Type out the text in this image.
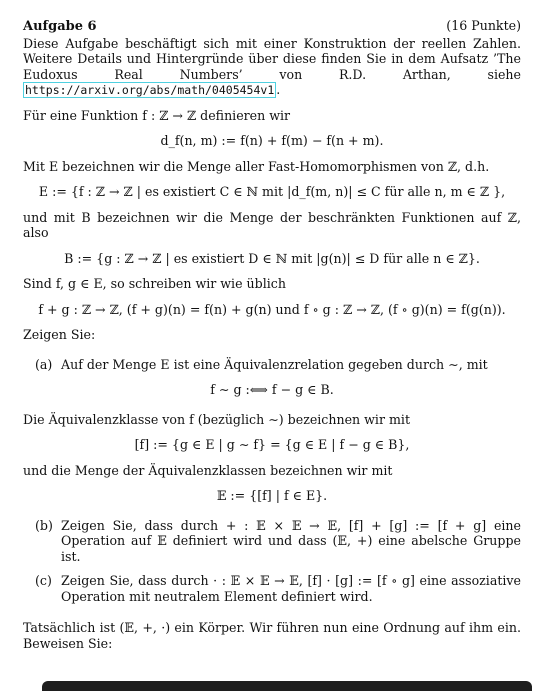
Aufgabe 6	(16 Punkte)

Diese Aufgabe beschäftigt sich mit einer Konstruktion der reellen Zahlen. Weitere Details und Hintergründe über diese finden Sie in dem Aufsatz ’The Eudoxus Real Numbers’ von R.D. Arthan, siehe https://arxiv.org/abs/math/0405454v1 .

Für eine Funktion f : ℤ → ℤ definieren wir

d_f(n, m) := f(n) + f(m) − f(n + m).

Mit E bezeichnen wir die Menge aller Fast-Homomorphismen von ℤ, d.h.

E := {f : ℤ → ℤ | es existiert C ∈ ℕ mit |d_f(m, n)| ≤ C für alle n, m ∈ ℤ },

und mit B bezeichnen wir die Menge der beschränkten Funktionen auf ℤ, also

B := {g : ℤ → ℤ | es existiert D ∈ ℕ mit |g(n)| ≤ D für alle n ∈ ℤ}.

Sind f, g ∈ E, so schreiben wir wie üblich

f + g : ℤ → ℤ, (f + g)(n) = f(n) + g(n) und f ∘ g : ℤ → ℤ, (f ∘ g)(n) = f(g(n)).

Zeigen Sie:

(a) Auf der Menge E ist eine Äquivalenzrelation gegeben durch ∼, mit
f ∼ g :⟺ f − g ∈ B.

Die Äquivalenzklasse von f (bezüglich ∼) bezeichnen wir mit

[f] := {g ∈ E | g ∼ f} = {g ∈ E | f − g ∈ B},

und die Menge der Äquivalenzklassen bezeichnen wir mit

𝔼 := {[f] | f ∈ E}.
(b) Zeigen Sie, dass durch + : 𝔼 × 𝔼 → 𝔼, [f] + [g] := [f + g] eine Operation auf 𝔼 definiert wird und dass (𝔼, +) eine abelsche Gruppe ist.
(c) Zeigen Sie, dass durch · : 𝔼 × 𝔼 → 𝔼, [f] · [g] := [f ∘ g] eine assoziative Operation mit neutralem Element definiert wird.

Tatsächlich ist (𝔼, +, ·) ein Körper. Wir führen nun eine Ordnung auf ihm ein. Beweisen Sie:
